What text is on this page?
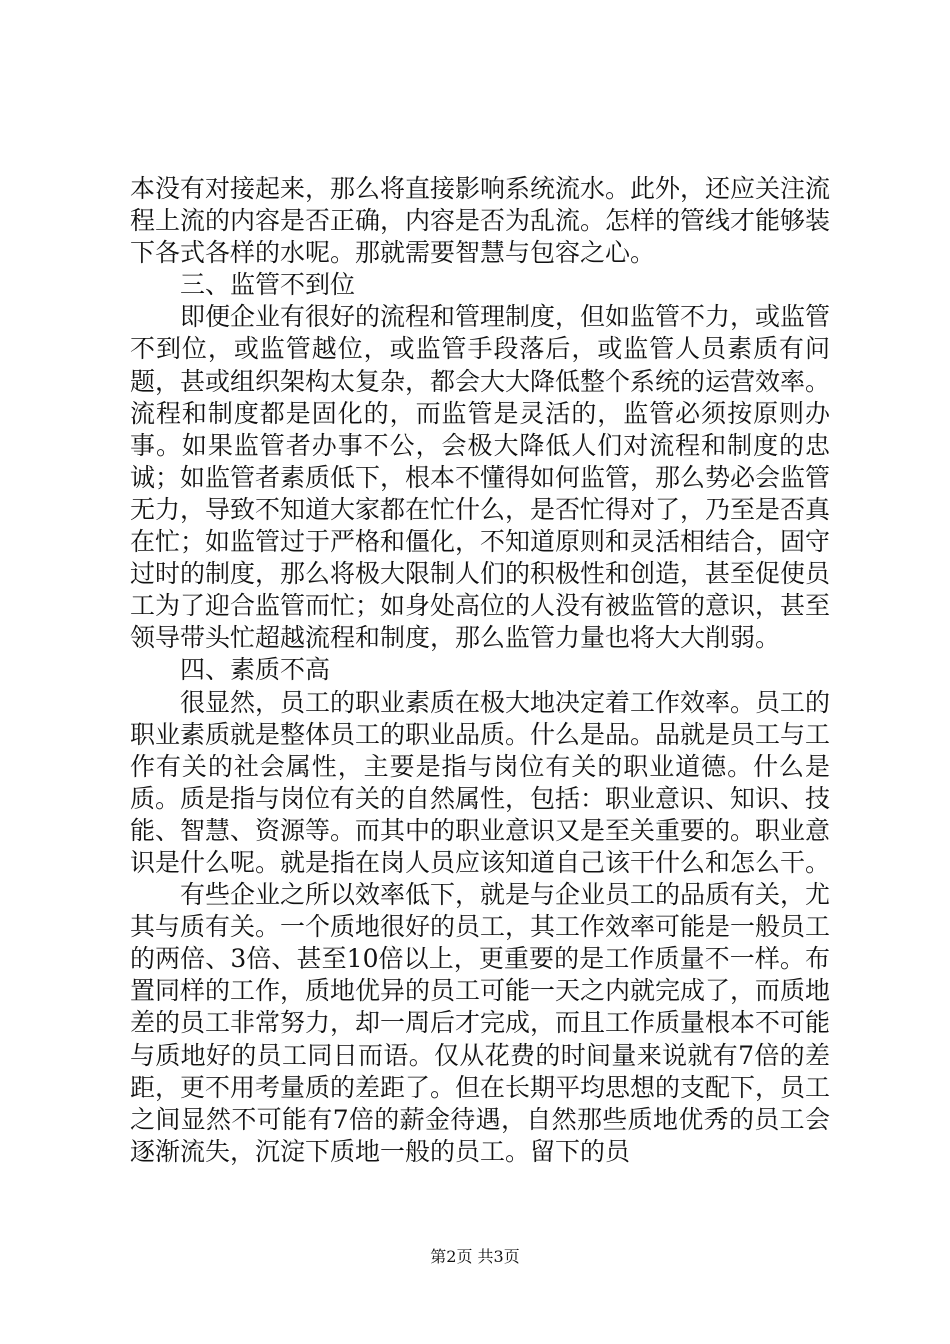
本没有对接起来，那么将直接影响系统流水。此外，还应关注流程上流的内容是否正确，内容是否为乱流。怎样的管线才能够装下各式各样的水呢。那就需要智慧与包容之心。

三、监管不到位

即便企业有很好的流程和管理制度，但如监管不力，或监管不到位，或监管越位，或监管手段落后，或监管人员素质有问题，甚或组织架构太复杂，都会大大降低整个系统的运营效率。流程和制度都是固化的，而监管是灵活的，监管必须按原则办事。如果监管者办事不公，会极大降低人们对流程和制度的忠诚；如监管者素质低下，根本不懂得如何监管，那么势必会监管无力，导致不知道大家都在忙什么，是否忙得对了，乃至是否真在忙；如监管过于严格和僵化，不知道原则和灵活相结合，固守过时的制度，那么将极大限制人们的积极性和创造，甚至促使员工为了迎合监管而忙；如身处高位的人没有被监管的意识，甚至领导带头忙超越流程和制度，那么监管力量也将大大削弱。

四、素质不高

很显然，员工的职业素质在极大地决定着工作效率。员工的职业素质就是整体员工的职业品质。什么是品。品就是员工与工作有关的社会属性，主要是指与岗位有关的职业道德。什么是质。质是指与岗位有关的自然属性，包括：职业意识、知识、技能、智慧、资源等。而其中的职业意识又是至关重要的。职业意识是什么呢。就是指在岗人员应该知道自己该干什么和怎么干。

有些企业之所以效率低下，就是与企业员工的品质有关，尤其与质有关。一个质地很好的员工，其工作效率可能是一般员工的两倍、3倍、甚至10倍以上，更重要的是工作质量不一样。布置同样的工作，质地优异的员工可能一天之内就完成了，而质地差的员工非常努力，却一周后才完成，而且工作质量根本不可能与质地好的员工同日而语。仅从花费的时间量来说就有7倍的差距，更不用考量质的差距了。但在长期平均思想的支配下，员工之间显然不可能有7倍的薪金待遇，自然那些质地优秀的员工会逐渐流失，沉淀下质地一般的员工。留下的员

第2页 共3页
